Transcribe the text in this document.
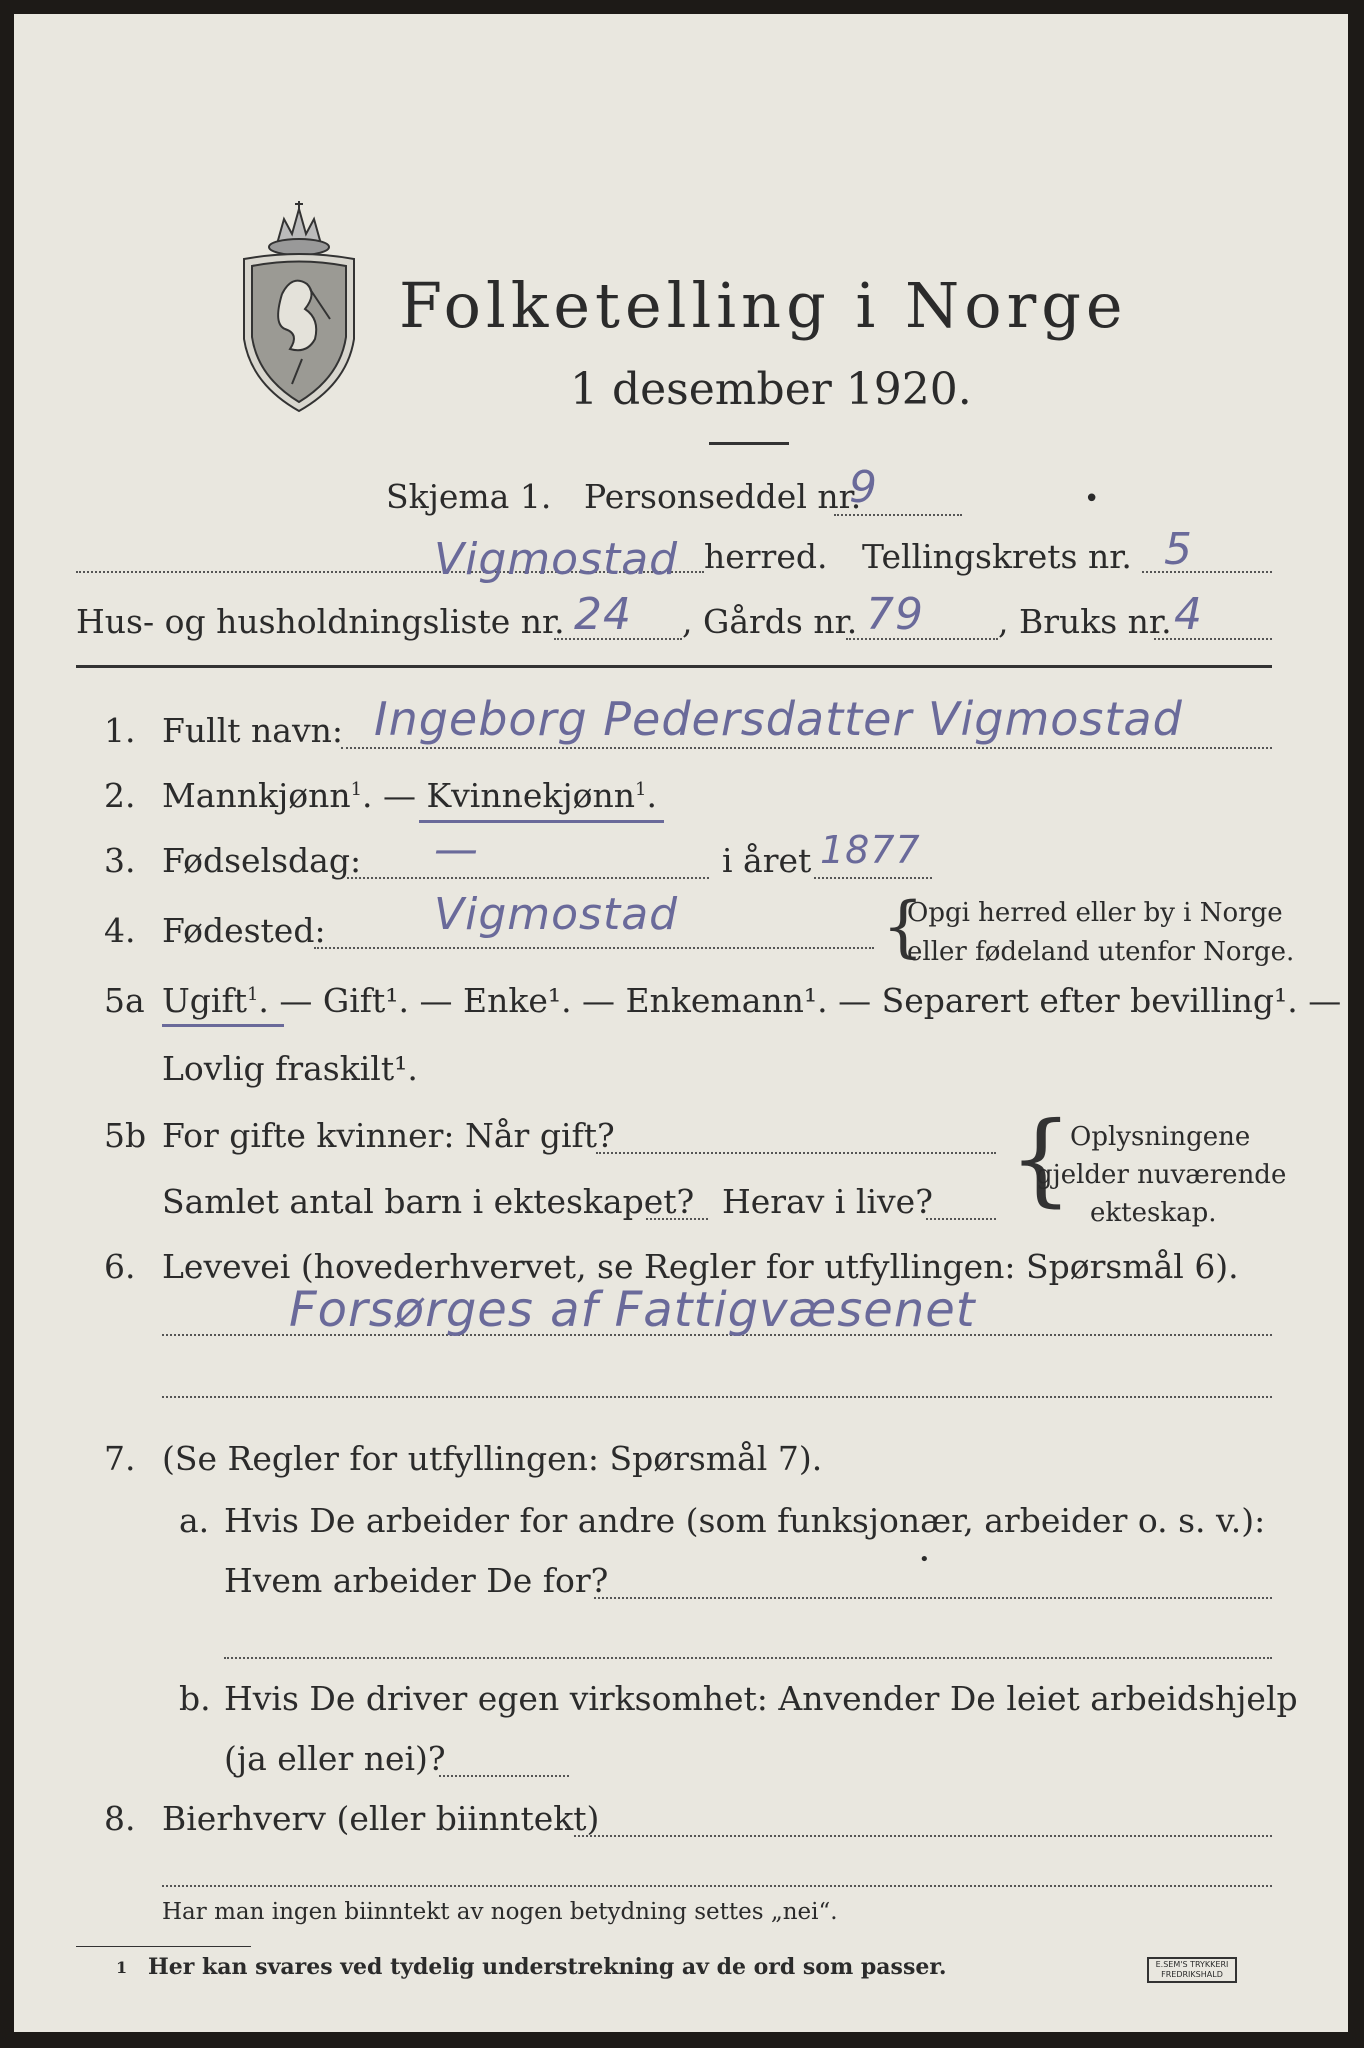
Folketelling i Norge
1 desember 1920.
Skjema 1. Personseddel nr.
9	•
Vigmostad herred. Tellingskrets nr. 5
Hus- og husholdningsliste nr. 24 , Gårds nr. 79 , Bruks nr. 4
1. Fullt navn: Ingeborg Pedersdatter Vigmostad
2. Mannkjønn$^1$. — Kvinnekjønn$^1$.
3. Fødselsdag: —	i året 1877
4. Fødested: Vigmostad	{
Opgi herred eller by i Norge
eller fødeland utenfor Norge.
5a Ugift$^1$. — Gift¹. — Enke¹. — Enkemann¹. — Separert efter bevilling¹. —
Lovlig fraskilt¹.
5b For gifte kvinner: Når gift?
Samlet antal barn i ekteskapet? Herav i live? {
Oplysningene
gjelder nuværende
ekteskap.
6. Levevei (hovederhvervet, se Regler for utfyllingen: Spørsmål 6).
Forsørges af Fattigvæsenet
7. (Se Regler for utfyllingen: Spørsmål 7).
a. Hvis De arbeider for andre (som funksjonær, arbeider o. s. v.):
Hvem arbeider De for?
•
b. Hvis De driver egen virksomhet: Anvender De leiet arbeidshjelp
(ja eller nei)?
8. Bierhverv (eller biinntekt)
Har man ingen biinntekt av nogen betydning settes „nei“.
1 Her kan svares ved tydelig understrekning av de ord som passer.	E.SEM'S TRYKKERI FREDRIKSHALD
